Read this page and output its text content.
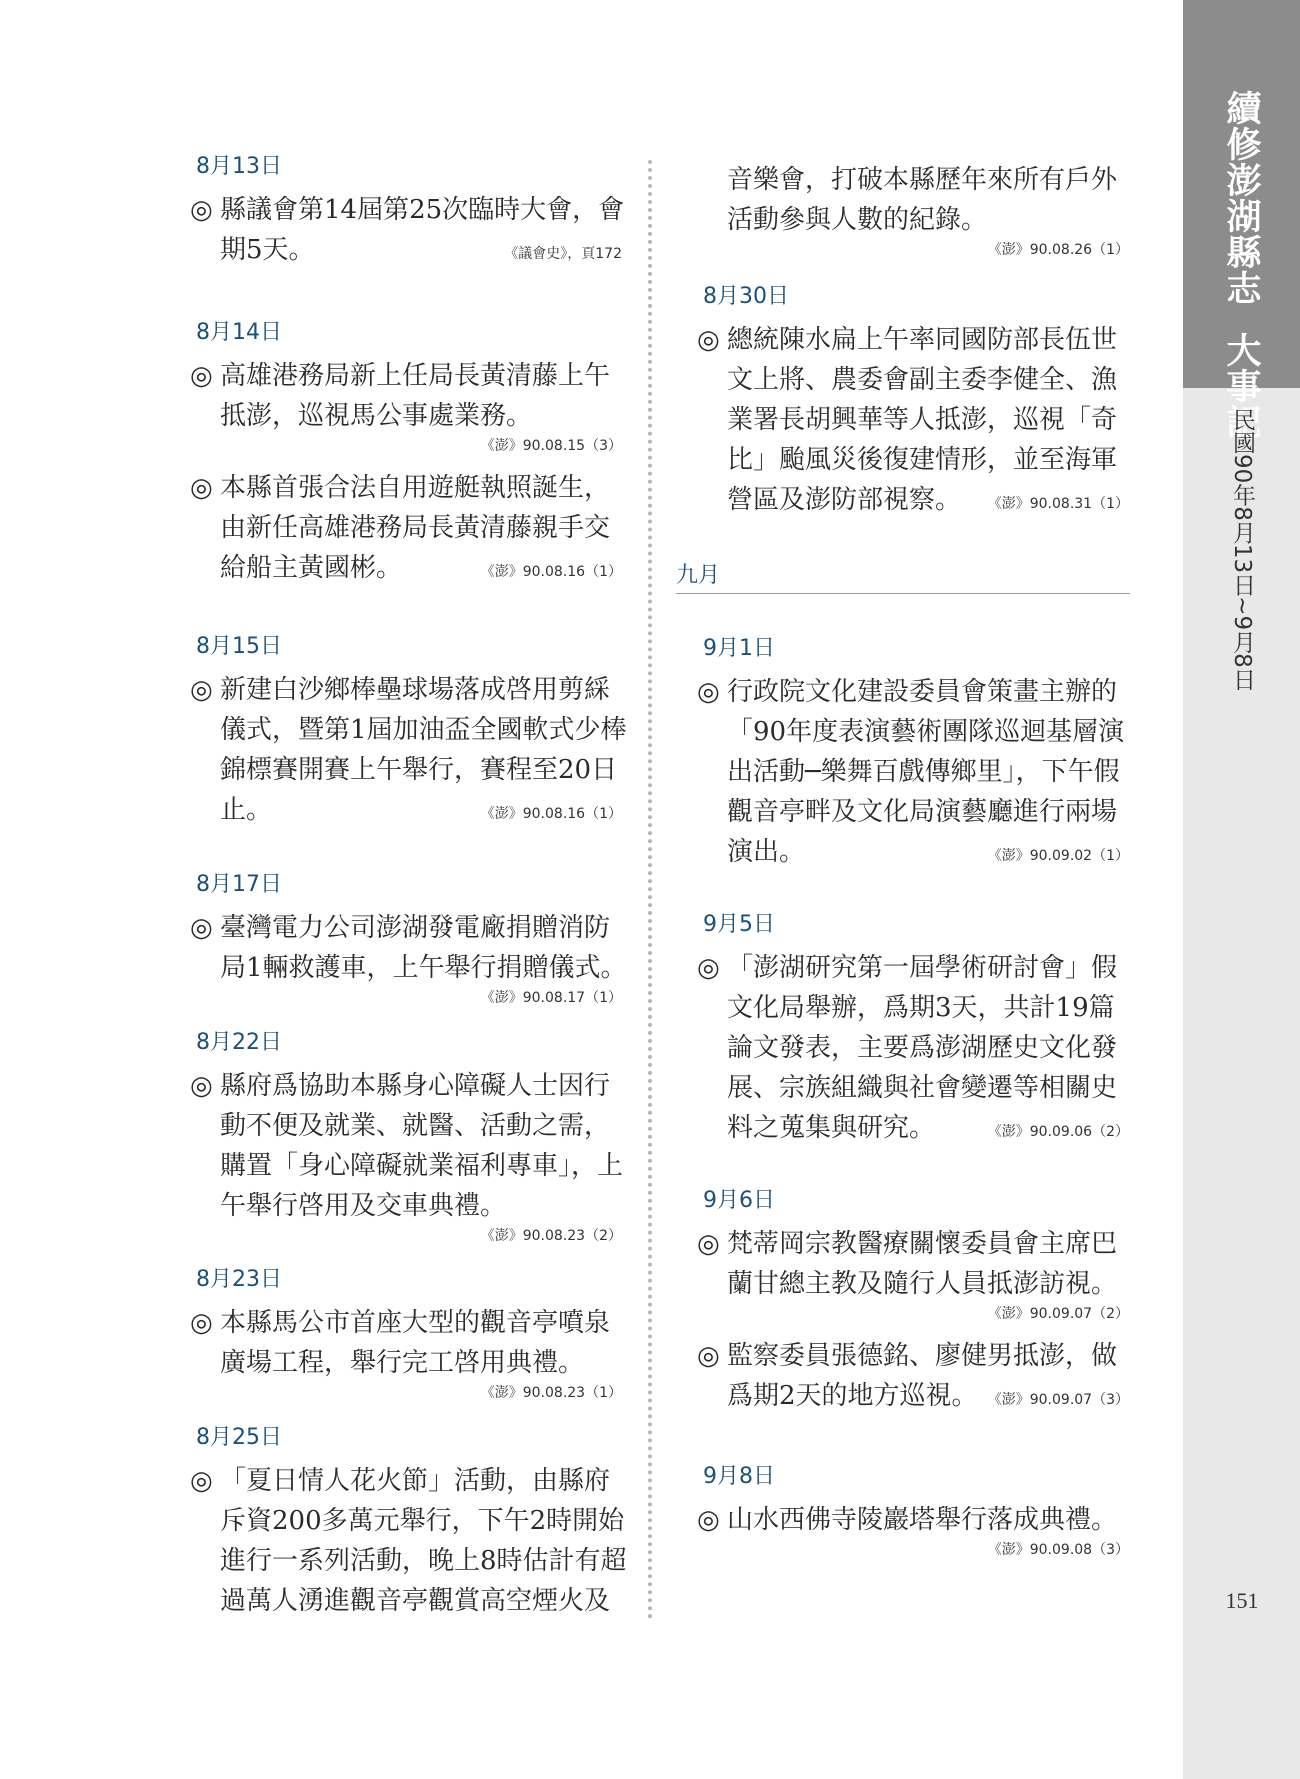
續修澎湖縣志大事記
民國90年8月13日~9月8日
151
8月13日
◎ 縣議會第14屆第25次臨時大會，會期5天。	《議會史》，頁172
8月14日
◎ 高雄港務局新上任局長黃清藤上午抵澎，巡視馬公事處業務。
《澎》90.08.15（3）
◎ 本縣首張合法自用遊艇執照誕生，由新任高雄港務局長黃清藤親手交給船主黃國彬。	《澎》90.08.16（1）
8月15日
◎ 新建白沙鄉棒壘球場落成啓用剪綵儀式，暨第1屆加油盃全國軟式少棒錦標賽開賽上午舉行，賽程至20日止。	《澎》90.08.16（1）
8月17日
◎ 臺灣電力公司澎湖發電廠捐贈消防局1輛救護車，上午舉行捐贈儀式。
《澎》90.08.17（1）
8月22日
◎ 縣府爲協助本縣身心障礙人士因行動不便及就業、就醫、活動之需，購置「身心障礙就業福利專車」，上午舉行啓用及交車典禮。
《澎》90.08.23（2）
8月23日
◎ 本縣馬公市首座大型的觀音亭噴泉廣場工程，舉行完工啓用典禮。
《澎》90.08.23（1）
8月25日
◎ 「夏日情人花火節」活動，由縣府斥資200多萬元舉行，下午2時開始進行一系列活動，晚上8時估計有超過萬人湧進觀音亭觀賞高空煙火及
音樂會，打破本縣歷年來所有戶外活動參與人數的紀錄。
《澎》90.08.26（1）
8月30日
◎ 總統陳水扁上午率同國防部長伍世文上將、農委會副主委李健全、漁業署長胡興華等人抵澎，巡視「奇比」颱風災後復建情形，並至海軍營區及澎防部視察。	《澎》90.08.31（1）
九月
9月1日
◎ 行政院文化建設委員會策畫主辦的「90年度表演藝術團隊巡迴基層演出活動─樂舞百戲傳鄉里」，下午假觀音亭畔及文化局演藝廳進行兩場演出。	《澎》90.09.02（1）
9月5日
◎ 「澎湖研究第一屆學術研討會」假文化局舉辦，爲期3天，共計19篇論文發表，主要爲澎湖歷史文化發展、宗族組織與社會變遷等相關史料之蒐集與研究。	《澎》90.09.06（2）
9月6日
◎ 梵蒂岡宗教醫療關懷委員會主席巴蘭甘總主教及隨行人員抵澎訪視。
《澎》90.09.07（2）
◎ 監察委員張德銘、廖健男抵澎，做爲期2天的地方巡視。 《澎》90.09.07（3）
9月8日
◎ 山水西佛寺陵巖塔舉行落成典禮。
《澎》90.09.08（3）
